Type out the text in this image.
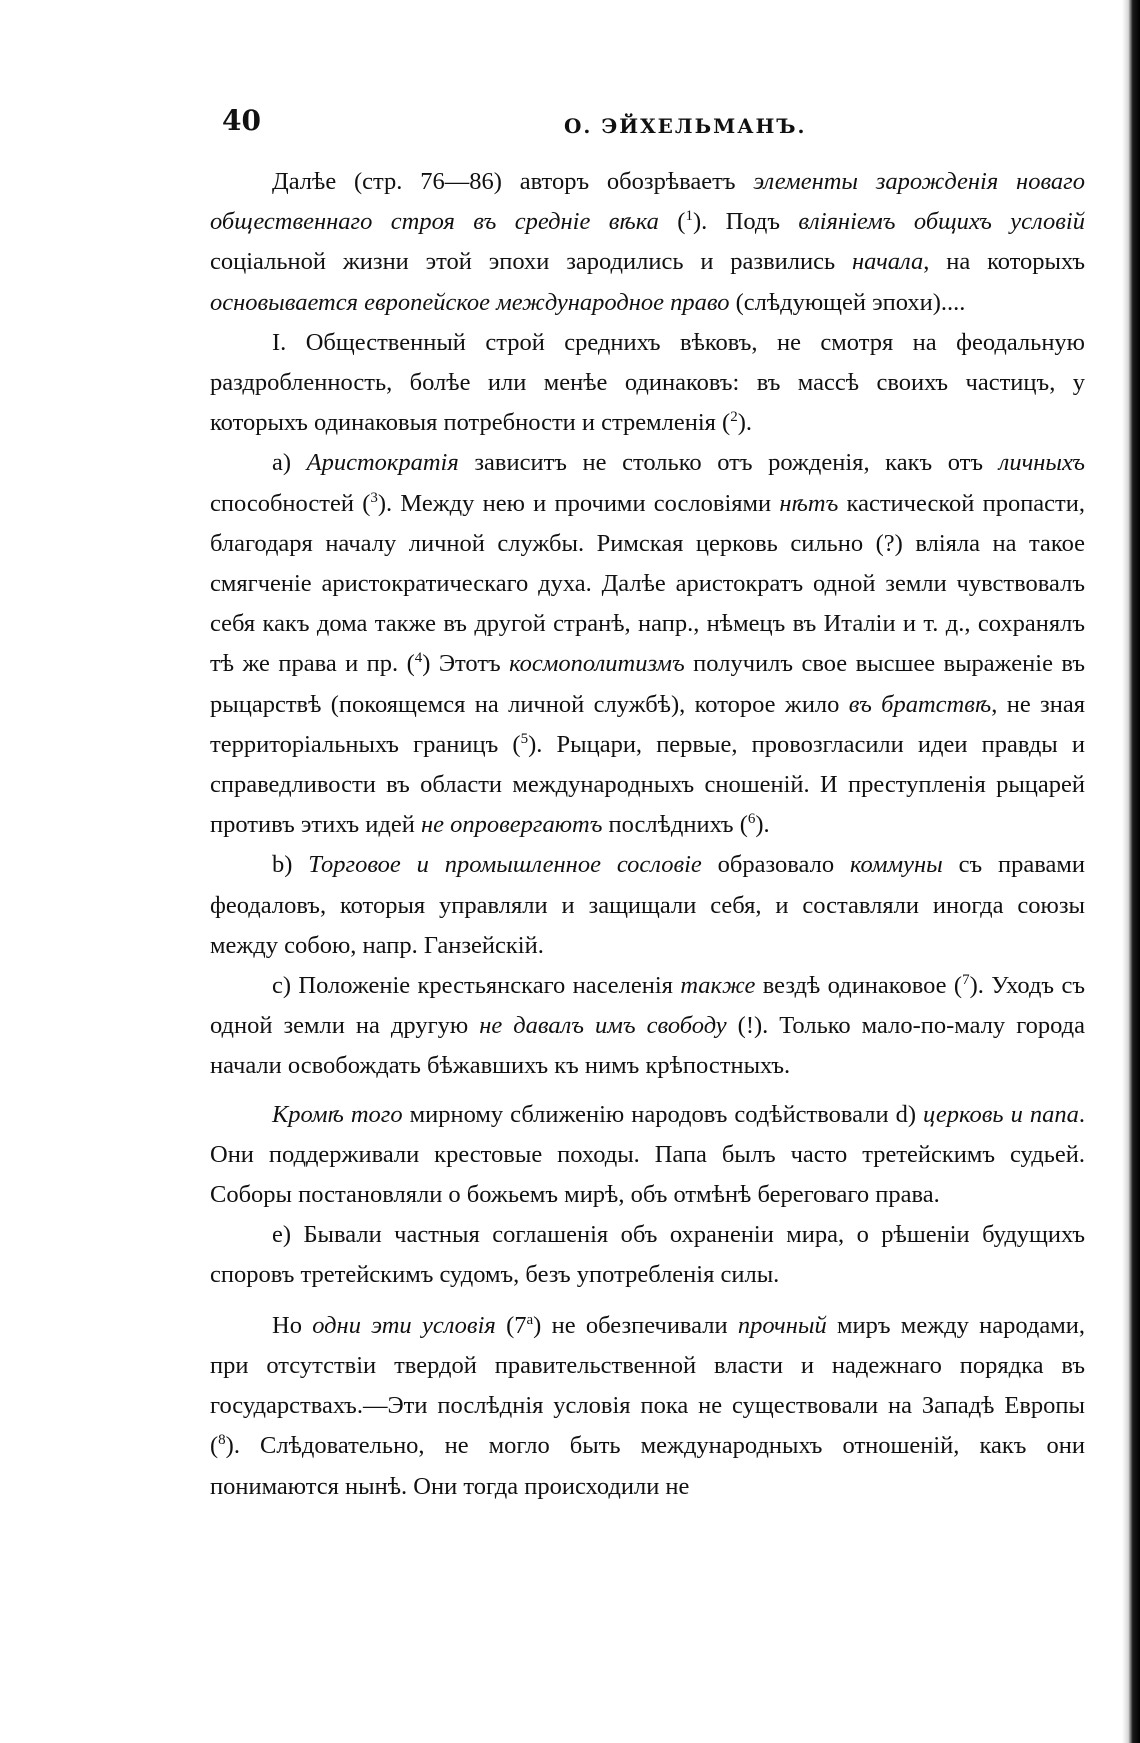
40	О. ЭЙХЕЛЬМАНЪ.

Далѣе (стр. 76—86) авторъ обозрѣваетъ элементы зарожденія новаго общественнаго строя въ средніе вѣка ($^1$). Подъ вліяніемъ общихъ условій соціальной жизни этой эпохи зародились и развились начала, на которыхъ основывается европейское международное право (слѣдующей эпохи)....

I. Общественный строй среднихъ вѣковъ, не смотря на феодальную раздробленность, болѣе или менѣе одинаковъ: въ массѣ своихъ частицъ, у которыхъ одинаковыя потребности и стремленія ($^2$).

a) Аристократія зависитъ не столько отъ рожденія, какъ отъ личныхъ способностей ($^3$). Между нею и прочими сословіями нѣтъ кастической пропасти, благодаря началу личной службы. Римская церковь сильно (?) вліяла на такое смягченіе аристократическаго духа. Далѣе аристократъ одной земли чувствовалъ себя какъ дома также въ другой странѣ, напр., нѣмецъ въ Италіи и т. д., сохранялъ тѣ же права и пр. ($^4$) Этотъ космополитизмъ получилъ свое высшее выраженіе въ рыцарствѣ (покоящемся на личной службѣ), которое жило въ братствѣ, не зная территоріальныхъ границъ ($^5$). Рыцари, первые, провозгласили идеи правды и справедливости въ области международныхъ сношеній. И преступленія рыцарей противъ этихъ идей не опровергаютъ послѣднихъ ($^6$).

b) Торговое и промышленное сословіе образовало коммуны съ правами феодаловъ, которыя управляли и защищали себя, и составляли иногда союзы между собою, напр. Ганзейскій.

c) Положеніе крестьянскаго населенія также вездѣ одинаковое ($^7$). Уходъ съ одной земли на другую не давалъ имъ свободу (!). Только мало-по-малу города начали освобождать бѣжавшихъ къ нимъ крѣпостныхъ.

Кромѣ того мирному сближенію народовъ содѣйствовали d) церковь и папа. Они поддерживали крестовые походы. Папа былъ часто третейскимъ судьей. Соборы постановляли о божьемъ мирѣ, объ отмѣнѣ береговаго права.

e) Бывали частныя соглашенія объ охраненіи мира, о рѣшеніи будущихъ споровъ третейскимъ судомъ, безъ употребленія силы.

Но одни эти условія (7$^a$) не обезпечивали прочный миръ между народами, при отсутствіи твердой правительственной власти и надежнаго порядка въ государствахъ.—Эти послѣднія условія пока не существовали на Западѣ Европы ($^8$). Слѣдовательно, не могло быть международныхъ отношеній, какъ они понимаются нынѣ. Они тогда происходили не
